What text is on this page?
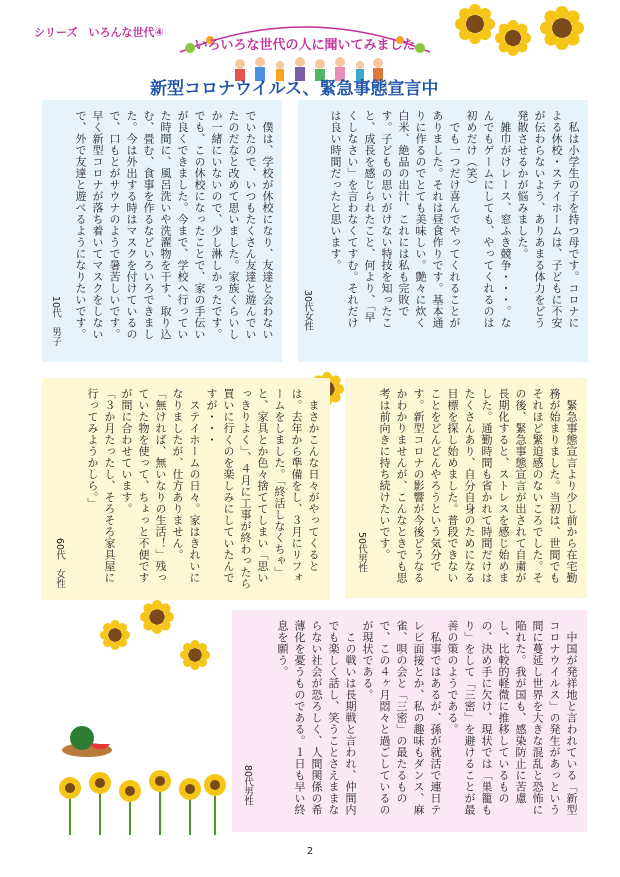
シリーズ　いろんな世代④
いろいろな世代の人に聞いてみました
新型コロナウイルス、緊急事態宣言中
　私は小学生の子を持つ母です。コロナによる休校・ステイホームは、子どもに不安が伝わらないよう、ありあまる体力をどう発散させるかが悩みました。
　雑巾がけレース、窓ふき競争・・・。なんでもゲームにしても、やってくれるのは初めだけ（笑）
　でも一つだけ喜んでやってくれることがありました。それは昼食作りです。基本通りに作るのでとても美味しい。艶々に炊く白米、絶品の出汁、これには私も完敗です。子どもの思いがけない特技を知ったこと、成長を感じられたこと、何より、「早くしなさい」を言わなくてすむ。それだけは良い時間だったと思います。
30代女性
　僕は、学校が休校になり、友達と会わないでいたので、いつもたくさん友達と遊んでいたのだなと改めて思いました。家族くらいしか一緒にいないので、少し淋しかったです。でも、この休校になったことで、家の手伝いが良くできました。今まで、学校へ行っていた時間に、風呂洗いや洗濯物を干す、取り込む、畳む、食事を作るなどいろいろできました。今は外出する時はマスクを付けているので、口もとがサウナのようで暑苦しいです。早く新型コロナが落ち着いてマスクをしないで、外で友達と遊べるようになりたいです。
10代　男子
　緊急事態宣言より少し前から在宅勤務が始まりました。当初は、世間でもそれほど緊迫感のないころでした。その後、緊急事態宣言が出されて自粛が長期化すると、ストレスを感じ始めました。通勤時間も省かれて時間だけはたくさんあり、自分自身のためになる目標を探し始めました。普段できないことをどんどんやろうという気分です。新型コロナの影響が今後どうなるかわかりませんが、こんなときでも思考は前向きに持ち続けたいです。
50代男性
　まさかこんな日々がやってくるとは。去年から準備をし、３月にリフォームをしました。「終活しなくちゃ」と、家具とか色々捨ててしまい「思いっきりよく」、４月に工事が終わったら買いに行くのを楽しみにしていたんですが・・・
　ステイホームの日々。家はきれいになりましたが、仕方ありません。
「無ければ、無いなりの生活！」残っていた物を使って、ちょっと不便ですが間に合わせています。
「３か月たったし、そろそろ家具屋に行ってみようかしら。」
60代　女性
　中国が発祥地と言われている「新型コロナウイルス」の発生があっという間に蔓延し世界を大きな混乱と恐怖に陥れた。我が国も、感染防止に苦慮し、比較的軽微に推移しているものの、決め手に欠け、現状では「巣籠もり」をして「三密」を避けることが最善の策のようである。
　私事ではあるが、孫が就活で連日テレビ面接とか、私の趣味もダンス、麻雀、唄の会と「三密」の最たるもので、この４ヶ月悶々と過ごしているのが現状である。
　この戦いは長期戦と言われ、仲間内でも楽しく話し、笑うことさえままならない社会が恐ろしく、人間関係の希薄化を憂うものである。１日も早い終息を願う。
80代男性
2
